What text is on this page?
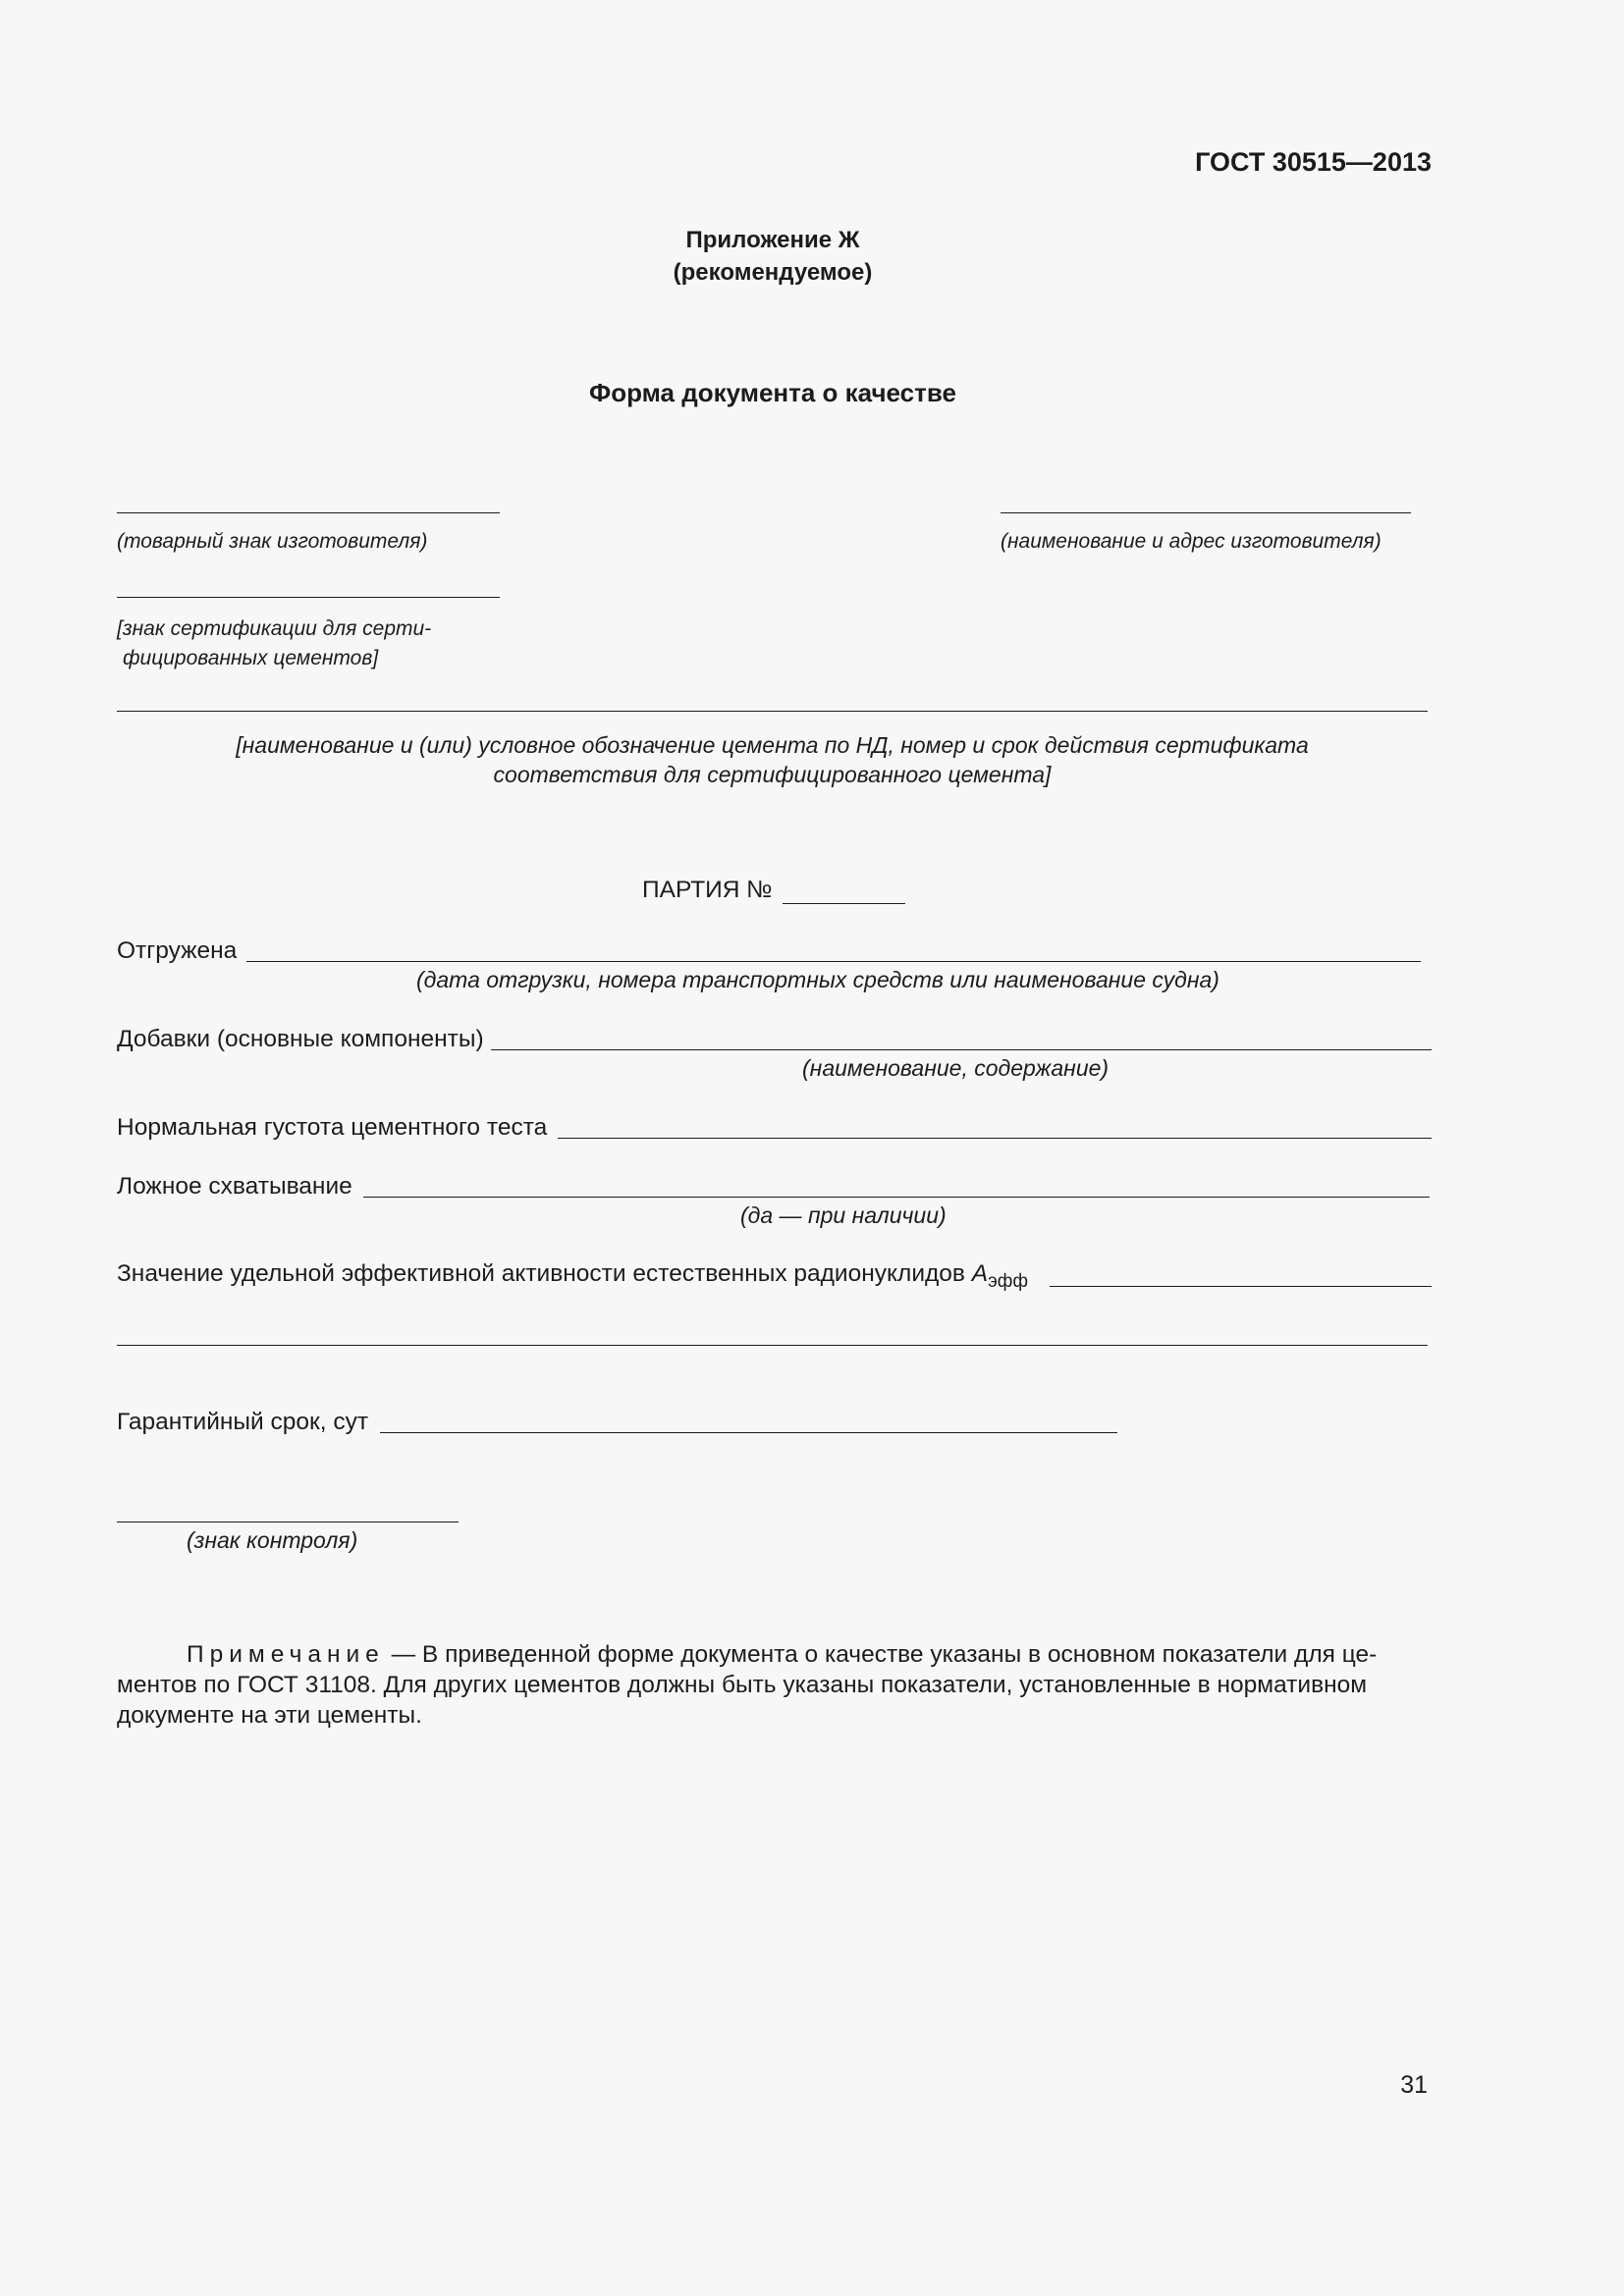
ГОСТ 30515—2013
Приложение Ж
(рекомендуемое)
Форма документа о качестве
(товарный знак изготовителя)	(наименование и адрес изготовителя)
[знак сертификации для серти-
фицированных цементов]
[наименование и (или) условное обозначение цемента по НД, номер и срок действия сертификата
соответствия для сертифицированного цемента]
ПАРТИЯ №
Отгружена
(дата отгрузки, номера транспортных средств или наименование судна)
Добавки (основные компоненты)
(наименование, содержание)
Нормальная густота цементного теста
Ложное схватывание
(да — при наличии)
Значение удельной эффективной активности естественных радионуклидов $A_{эфф}$
Гарантийный срок, сут
(знак контроля)
Примечание — В приведенной форме документа о качестве указаны в основном показатели для це-
ментов по ГОСТ 31108. Для других цементов должны быть указаны показатели, установленные в нормативном
документе на эти цементы.
31
